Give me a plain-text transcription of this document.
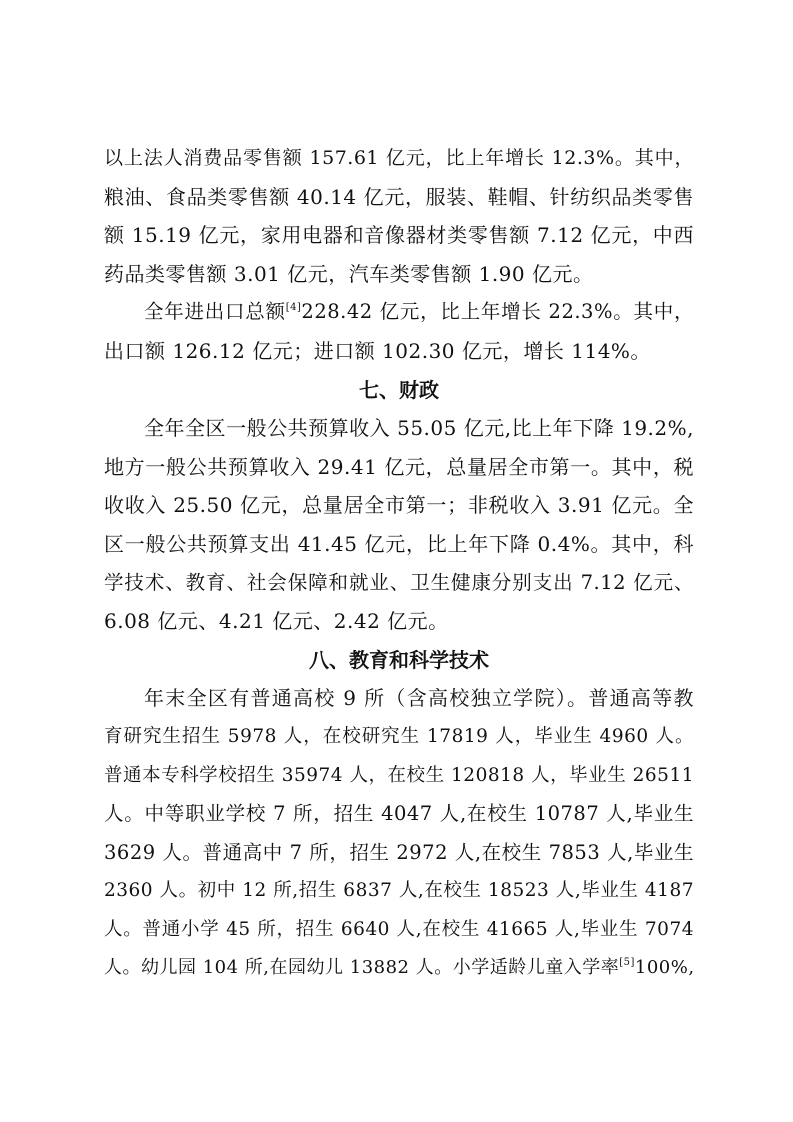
以上法人消费品零售额 157.61 亿元，比上年增长 12.3%。其中，
粮油、食品类零售额 40.14 亿元，服装、鞋帽、针纺织品类零售
额 15.19 亿元，家用电器和音像器材类零售额 7.12 亿元，中西
药品类零售额 3.01 亿元，汽车类零售额 1.90 亿元。
全年进出口总额[4]228.42 亿元，比上年增长 22.3%。其中，
出口额 126.12 亿元；进口额 102.30 亿元，增长 114%。
七、财政
全年全区一般公共预算收入 55.05 亿元,比上年下降 19.2%,
地方一般公共预算收入 29.41 亿元，总量居全市第一。其中，税
收收入 25.50 亿元，总量居全市第一；非税收入 3.91 亿元。全
区一般公共预算支出 41.45 亿元，比上年下降 0.4%。其中，科
学技术、教育、社会保障和就业、卫生健康分别支出 7.12 亿元、
6.08 亿元、4.21 亿元、2.42 亿元。
八、教育和科学技术
年末全区有普通高校 9 所（含高校独立学院）。普通高等教
育研究生招生 5978 人，在校研究生 17819 人，毕业生 4960 人。
普通本专科学校招生 35974 人，在校生 120818 人，毕业生 26511
人。中等职业学校 7 所，招生 4047 人,在校生 10787 人,毕业生
3629 人。普通高中 7 所，招生 2972 人,在校生 7853 人,毕业生
2360 人。初中 12 所,招生 6837 人,在校生 18523 人,毕业生 4187
人。普通小学 45 所，招生 6640 人,在校生 41665 人,毕业生 7074
人。幼儿园 104 所,在园幼儿 13882 人。小学适龄儿童入学率[5]100%,
